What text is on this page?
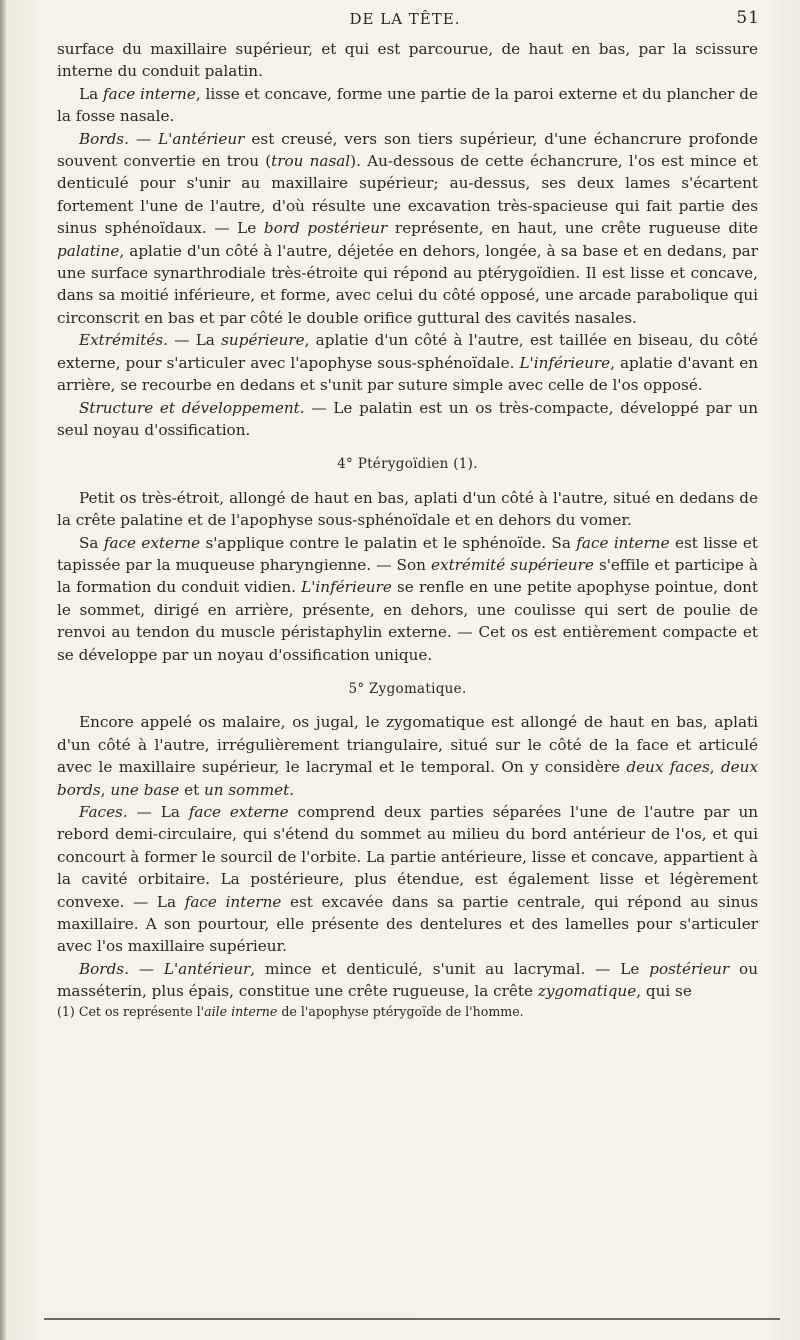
DE LA TÊTE.	51

surface du maxillaire supérieur, et qui est parcourue, de haut en bas, par la scissure interne du conduit palatin.

La face interne, lisse et concave, forme une partie de la paroi externe et du plancher de la fosse nasale.

Bords. — L'antérieur est creusé, vers son tiers supérieur, d'une échancrure profonde souvent convertie en trou (trou nasal). Au-dessous de cette échancrure, l'os est mince et denticulé pour s'unir au maxillaire supérieur; au-dessus, ses deux lames s'écartent fortement l'une de l'autre, d'où résulte une excavation très-spacieuse qui fait partie des sinus sphénoïdaux. — Le bord postérieur représente, en haut, une crête rugueuse dite palatine, aplatie d'un côté à l'autre, déjetée en dehors, longée, à sa base et en dedans, par une surface synarthrodiale très-étroite qui répond au ptérygoïdien. Il est lisse et concave, dans sa moitié inférieure, et forme, avec celui du côté opposé, une arcade parabolique qui circonscrit en bas et par côté le double orifice guttural des cavités nasales.

Extrémités. — La supérieure, aplatie d'un côté à l'autre, est taillée en biseau, du côté externe, pour s'articuler avec l'apophyse sous-sphénoïdale. L'inférieure, aplatie d'avant en arrière, se recourbe en dedans et s'unit par suture simple avec celle de l'os opposé.

Structure et développement. — Le palatin est un os très-compacte, développé par un seul noyau d'ossification.

4° Ptérygoïdien (1).

Petit os très-étroit, allongé de haut en bas, aplati d'un côté à l'autre, situé en dedans de la crête palatine et de l'apophyse sous-sphénoïdale et en dehors du vomer.

Sa face externe s'applique contre le palatin et le sphénoïde. Sa face interne est lisse et tapissée par la muqueuse pharyngienne. — Son extrémité supérieure s'effile et participe à la formation du conduit vidien. L'inférieure se renfle en une petite apophyse pointue, dont le sommet, dirigé en arrière, présente, en dehors, une coulisse qui sert de poulie de renvoi au tendon du muscle péristaphylin externe. — Cet os est entièrement compacte et se développe par un noyau d'ossification unique.

5° Zygomatique.

Encore appelé os malaire, os jugal, le zygomatique est allongé de haut en bas, aplati d'un côté à l'autre, irrégulièrement triangulaire, situé sur le côté de la face et articulé avec le maxillaire supérieur, le lacrymal et le temporal. On y considère deux faces, deux bords, une base et un sommet.

Faces. — La face externe comprend deux parties séparées l'une de l'autre par un rebord demi-circulaire, qui s'étend du sommet au milieu du bord antérieur de l'os, et qui concourt à former le sourcil de l'orbite. La partie antérieure, lisse et concave, appartient à la cavité orbitaire. La postérieure, plus étendue, est également lisse et légèrement convexe. — La face interne est excavée dans sa partie centrale, qui répond au sinus maxillaire. A son pourtour, elle présente des dentelures et des lamelles pour s'articuler avec l'os maxillaire supérieur.

Bords. — L'antérieur, mince et denticulé, s'unit au lacrymal. — Le postérieur ou masséterin, plus épais, constitue une crête rugueuse, la crête zygomatique, qui se

(1) Cet os représente l'aile interne de l'apophyse ptérygoïde de l'homme.
